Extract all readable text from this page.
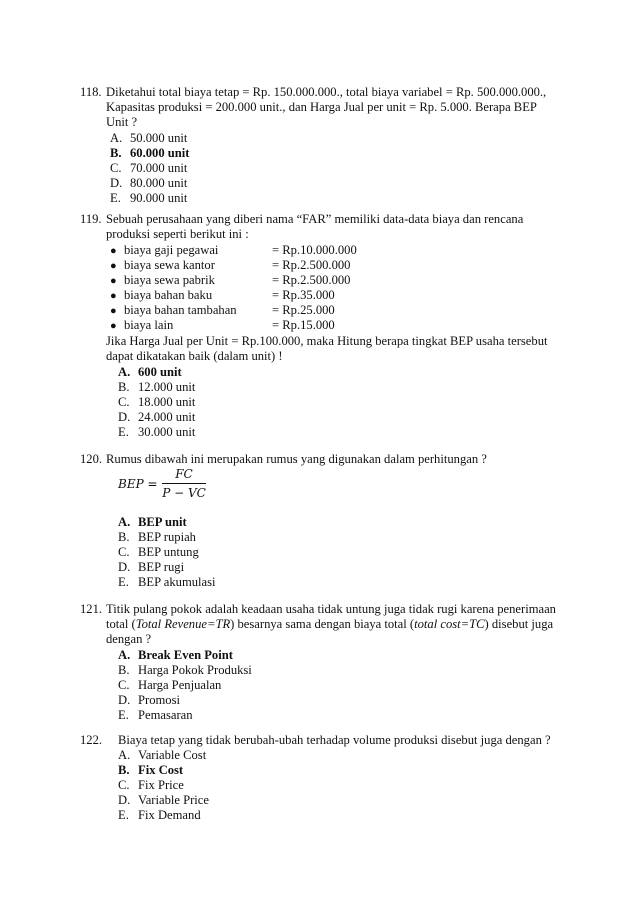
118. Diketahui total biaya tetap = Rp. 150.000.000., total biaya variabel = Rp. 500.000.000.,
Kapasitas produksi = 200.000 unit., dan Harga Jual per unit = Rp. 5.000. Berapa BEP
Unit ?
A. 50.000 unit
B. 60.000 unit
C. 70.000 unit
D. 80.000 unit
E. 90.000 unit
119. Sebuah perusahaan yang diberi nama “FAR” memiliki data-data biaya dan rencana
produksi seperti berikut ini :
● biaya gaji pegawai	= Rp.10.000.000
● biaya sewa kantor	= Rp.2.500.000
● biaya sewa pabrik	= Rp.2.500.000
● biaya bahan baku	= Rp.35.000
● biaya bahan tambahan	= Rp.25.000
● biaya lain	= Rp.15.000
Jika Harga Jual per Unit = Rp.100.000, maka Hitung berapa tingkat BEP usaha tersebut
dapat dikatakan baik (dalam unit) !
A. 600 unit
B. 12.000 unit
C. 18.000 unit
D. 24.000 unit
E. 30.000 unit
120. Rumus dibawah ini merupakan rumus yang digunakan dalam perhitungan ?
BEP =
FC
P − VC
A. BEP unit
B. BEP rupiah
C. BEP untung
D. BEP rugi
E. BEP akumulasi
121. Titik pulang pokok adalah keadaan usaha tidak untung juga tidak rugi karena penerimaan
total (Total Revenue=TR) besarnya sama dengan biaya total (total cost=TC) disebut juga
dengan ?
A. Break Even Point
B. Harga Pokok Produksi
C. Harga Penjualan
D. Promosi
E. Pemasaran
122. Biaya tetap yang tidak berubah-ubah terhadap volume produksi disebut juga dengan ?
A. Variable Cost
B. Fix Cost
C. Fix Price
D. Variable Price
E. Fix Demand
